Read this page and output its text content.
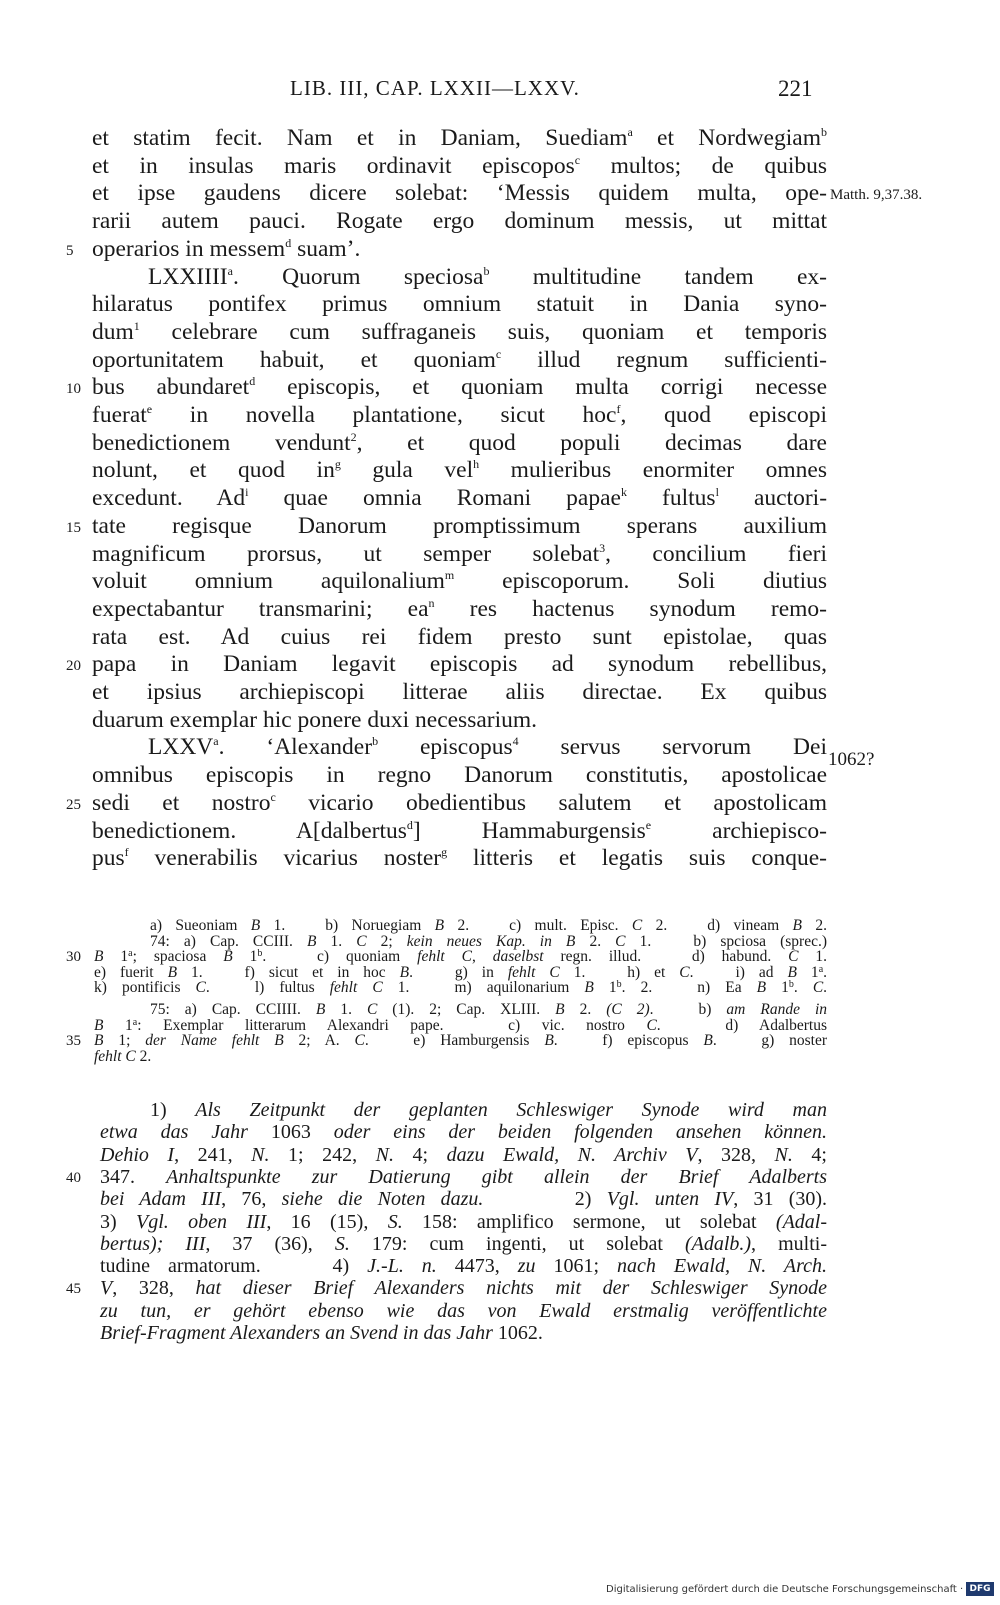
LIB. III, CAP. LXXII—LXXV.	221
et statim fecit. Nam et in Daniam, Suediam$^a$ et Nordwegiam$^b$
et in insulas maris ordinavit episcopos$^c$ multos; de quibus
et ipse gaudens dicere solebat: ‘Messis quidem multa, ope-
rarii autem pauci. Rogate ergo dominum messis, ut mittat
operarios in messem$^d$ suam’.
5
LXXIIII$^a$. Quorum speciosa$^b$ multitudine tandem ex-
hilaratus pontifex primus omnium statuit in Dania syno-
dum$^1$ celebrare cum suffraganeis suis, quoniam et temporis
oportunitatem habuit, et quoniam$^c$ illud regnum sufficienti-
bus abundaret$^d$ episcopis, et quoniam multa corrigi necesse
10
fuerat$^e$ in novella plantatione, sicut hoc$^f$, quod episcopi
benedictionem vendunt$^2$, et quod populi decimas dare
nolunt, et quod $in^g$ gula vel$^h$ mulieribus enormiter omnes
excedunt. Ad$^i$ quae omnia Romani papae$^k$ fultus$^l$ auctori-
tate regisque Danorum promptissimum sperans auxilium
15
magnificum prorsus, ut semper solebat$^3$, concilium fieri
voluit omnium aquilonalium$^m$ episcoporum. Soli diutius
expectabantur transmarini; $ea^n$ res hactenus synodum remo-
rata est. Ad cuius rei fidem presto sunt epistolae, quas
papa in Daniam legavit episcopis ad synodum rebellibus,
20
et ipsius archiepiscopi litterae aliis directae. Ex quibus
duarum exemplar hic ponere duxi necessarium.
LXXV$^a$. ‘Alexander$^b$ episcopus$^4$ servus servorum Dei
omnibus episcopis in regno Danorum constitutis, apostolicae
sedi et nostro$^c$ vicario obedientibus salutem et apostolicam
25
benedictionem. A[dalbertus$^d$] Hammaburgensis$^e$ archiepisco-
pus$^f$ venerabilis vicarius noster$^g$ litteris et legatis suis conque-
Matth. 9,37.38.
1062?
a) Sueoniam B 1.   b) Noruegiam B 2.   c) mult. Episc. C 2.   d) vineam B 2.
74: a) Cap. CCIII. B 1. C 2; kein neues Kap. in B 2. C 1.   b) spciosa (sprec.)
B 1$^a$; spaciosa B 1$^b$.   c) quoniam fehlt C, daselbst regn. illud.   d) habund. C 1.
30
e) fuerit B 1.   f) sicut et in hoc B.   g) in fehlt C 1.   h) et C.   i) ad B 1$^a$.
k) pontificis C.   l) fultus fehlt C 1.   m) aquilonarium B 1$^b$. 2.   n) Ea B 1$^b$. C.
75: a) Cap. CCIIII. B 1. C (1). 2; Cap. XLIII. B 2. (C 2).   b) am Rande in
B 1$^a$: Exemplar litterarum Alexandri pape.   c) vic. nostro C.   d) Adalbertus
B 1; der Name fehlt B 2; A. C.   e) Hamburgensis B.   f) episcopus B.   g) noster
35
fehlt C 2.
1) Als Zeitpunkt der geplanten Schleswiger Synode wird man
etwa das Jahr 1063 oder eins der beiden folgenden ansehen können.
Dehio I, 241, N. 1; 242, N. 4; dazu Ewald, N. Archiv V, 328, N. 4;
347. Anhaltspunkte zur Datierung gibt allein der Brief Adalberts
40
bei Adam III, 76, siehe die Noten dazu.      2) Vgl. unten IV, 31 (30).
3) Vgl. oben III, 16 (15), S. 158: amplifico sermone, ut solebat (Adal-
bertus); III, 37 (36), S. 179: cum ingenti, ut solebat (Adalb.), multi-
tudine armatorum.    4) J.-L. n. 4473, zu 1061; nach Ewald, N. Arch.
V, 328, hat dieser Brief Alexanders nichts mit der Schleswiger Synode
45
zu tun, er gehört ebenso wie das von Ewald erstmalig veröffentlichte
Brief-Fragment Alexanders an Svend in das Jahr 1062.
Digitalisierung gefördert durch die Deutsche Forschungsgemeinschaft · DFG
